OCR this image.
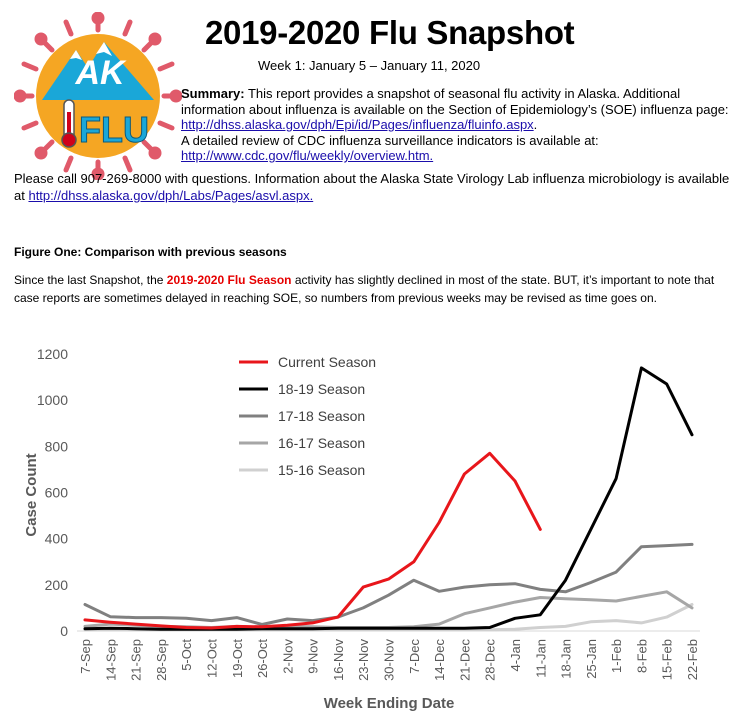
AK
FLU
2019-2020 Flu Snapshot
Week 1: January 5 – January 11, 2020
Summary: This report provides a snapshot of seasonal flu activity in Alaska. Additional information about influenza is available on the Section of Epidemiology’s (SOE) influenza page: http://dhss.alaska.gov/dph/Epi/id/Pages/influenza/fluinfo.aspx.
A detailed review of CDC influenza surveillance indicators is available at:
http://www.cdc.gov/flu/weekly/overview.htm.
Please call 907-269-8000 with questions. Information about the Alaska State Virology Lab influenza microbiology is available at http://dhss.alaska.gov/dph/Labs/Pages/asvl.aspx.
Figure One: Comparison with previous seasons
Since the last Snapshot, the 2019-2020 Flu Season activity has slightly declined in most of the state. BUT, it’s important to note that case reports are sometimes delayed in reaching SOE, so numbers from previous weeks may be revised as time goes on.
0
200
400
600
800
1000
1200
7-Sep 14-Sep 21-Sep 28-Sep 5-Oct 12-Oct 19-Oct 26-Oct 2-Nov 9-Nov 16-Nov 23-Nov 30-Nov 7-Dec 14-Dec 21-Dec 28-Dec 4-Jan 11-Jan 18-Jan 25-Jan 1-Feb 8-Feb 15-Feb 22-Feb
Current Season
18-19 Season
17-18 Season
16-17 Season
15-16 Season
Case Count
Week Ending Date
